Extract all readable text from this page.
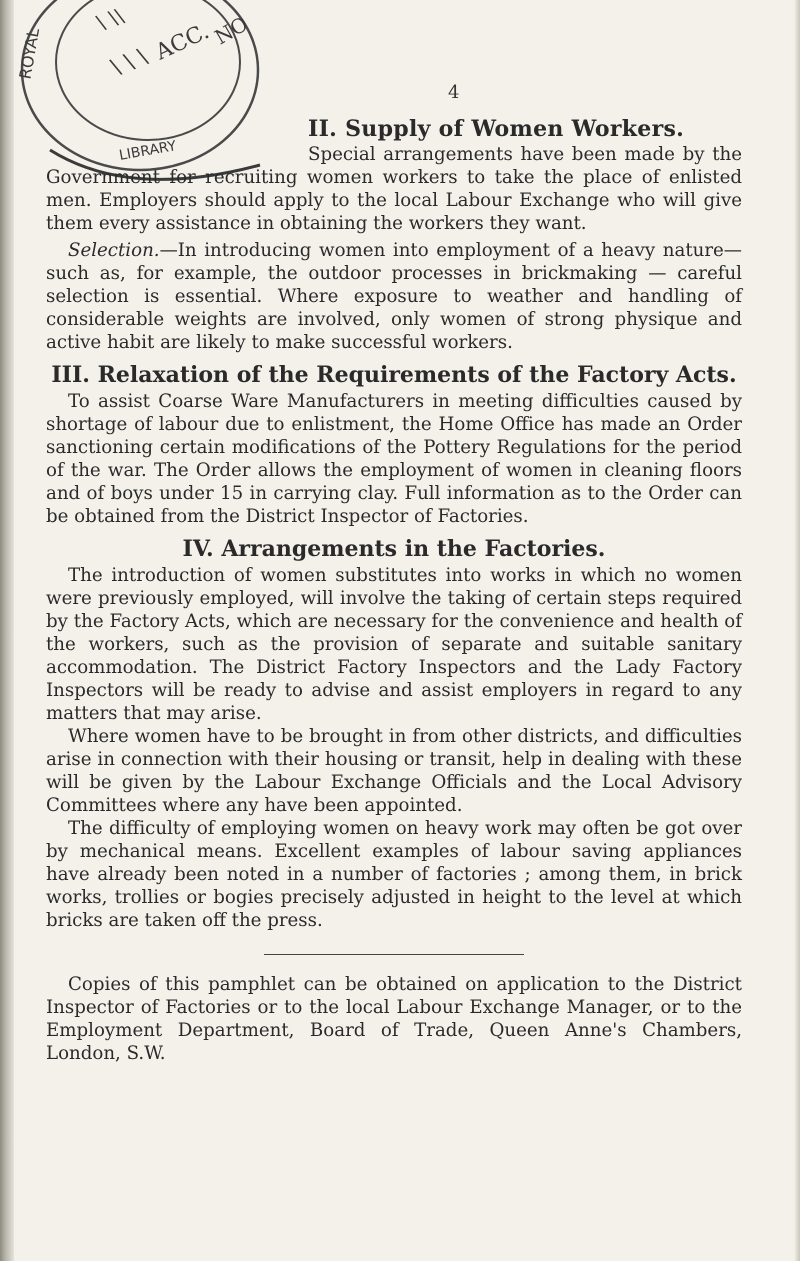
\ \\
\ \ \ ACC.
NO
ROYAL
LIBRARY
4
II. Supply of Women Workers.

Special arrangements have been made by the Government for recruiting women workers to take the place of enlisted men. Employers should apply to the local Labour Exchange who will give them every assistance in obtaining the workers they want.

Selection.—In introducing women into employment of a heavy nature—such as, for example, the outdoor processes in brickmaking — careful selection is essential. Where exposure to weather and handling of considerable weights are involved, only women of strong physique and active habit are likely to make successful workers.

III. Relaxation of the Requirements of the Factory Acts.

To assist Coarse Ware Manufacturers in meeting difficulties caused by shortage of labour due to enlistment, the Home Office has made an Order sanctioning certain modifications of the Pottery Regulations for the period of the war. The Order allows the employment of women in cleaning floors and of boys under 15 in carrying clay. Full information as to the Order can be obtained from the District Inspector of Factories.

IV. Arrangements in the Factories.

The introduction of women substitutes into works in which no women were previously employed, will involve the taking of certain steps required by the Factory Acts, which are necessary for the convenience and health of the workers, such as the provision of separate and suitable sanitary accommodation. The District Factory Inspectors and the Lady Factory Inspectors will be ready to advise and assist employers in regard to any matters that may arise.

Where women have to be brought in from other districts, and difficulties arise in connection with their housing or transit, help in dealing with these will be given by the Labour Exchange Officials and the Local Advisory Committees where any have been appointed.

The difficulty of employing women on heavy work may often be got over by mechanical means. Excellent examples of labour saving appliances have already been noted in a number of factories ; among them, in brick works, trollies or bogies precisely adjusted in height to the level at which bricks are taken off the press.

Copies of this pamphlet can be obtained on application to the District Inspector of Factories or to the local Labour Exchange Manager, or to the Employment Department, Board of Trade, Queen Anne's Chambers, London, S.W.
